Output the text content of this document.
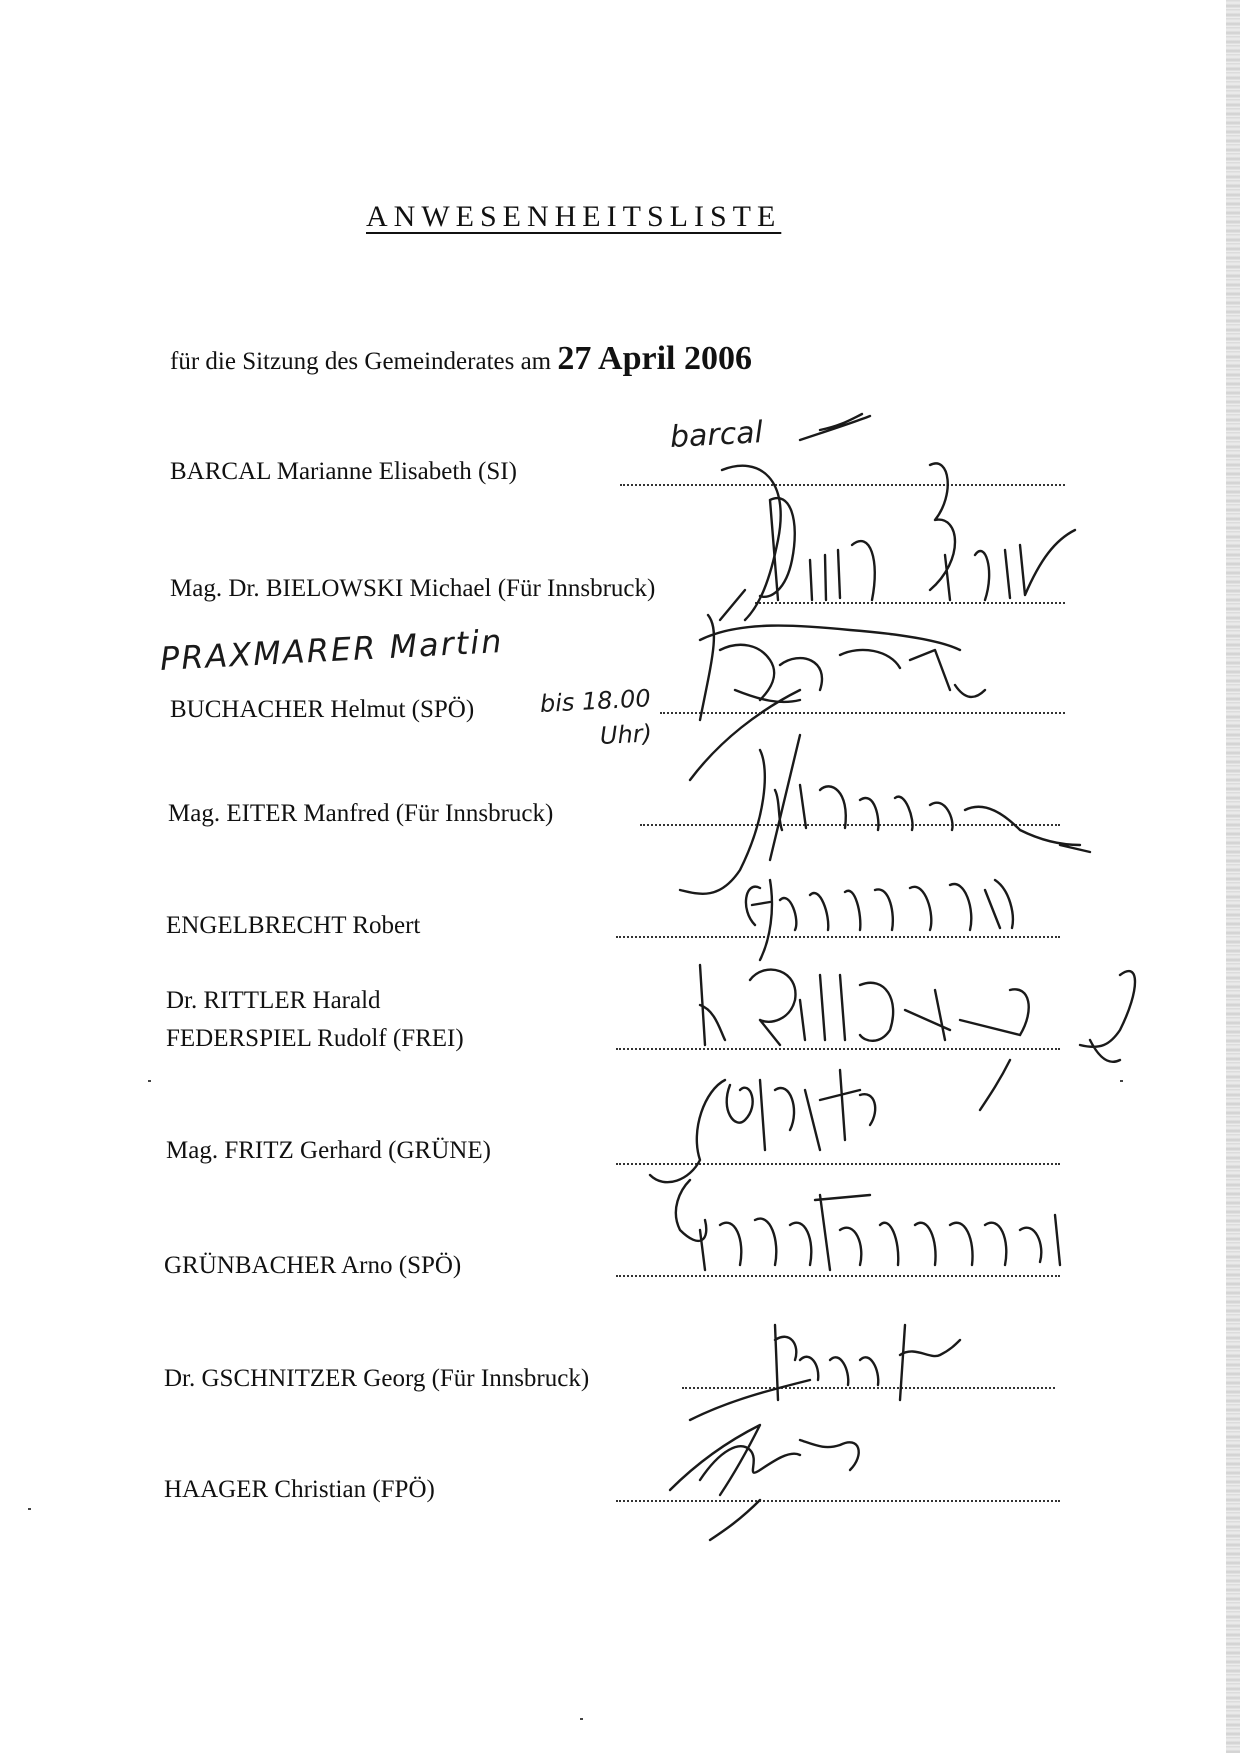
ANWESENHEITSLISTE
für die Sitzung des Gemeinderates am 27 April 2006
BARCAL Marianne Elisabeth (SI)
Mag. Dr. BIELOWSKI Michael (Für Innsbruck)
BUCHACHER Helmut (SPÖ)
Mag. EITER Manfred (Für Innsbruck)
ENGELBRECHT Robert
Dr. RITTLER Harald
FEDERSPIEL Rudolf (FREI)
Mag. FRITZ Gerhard (GRÜNE)
GRÜNBACHER Arno (SPÖ)
Dr. GSCHNITZER Georg (Für Innsbruck)
HAAGER Christian (FPÖ)
PRAXMARER Martin
bis 18.00
Uhr)
barcal
